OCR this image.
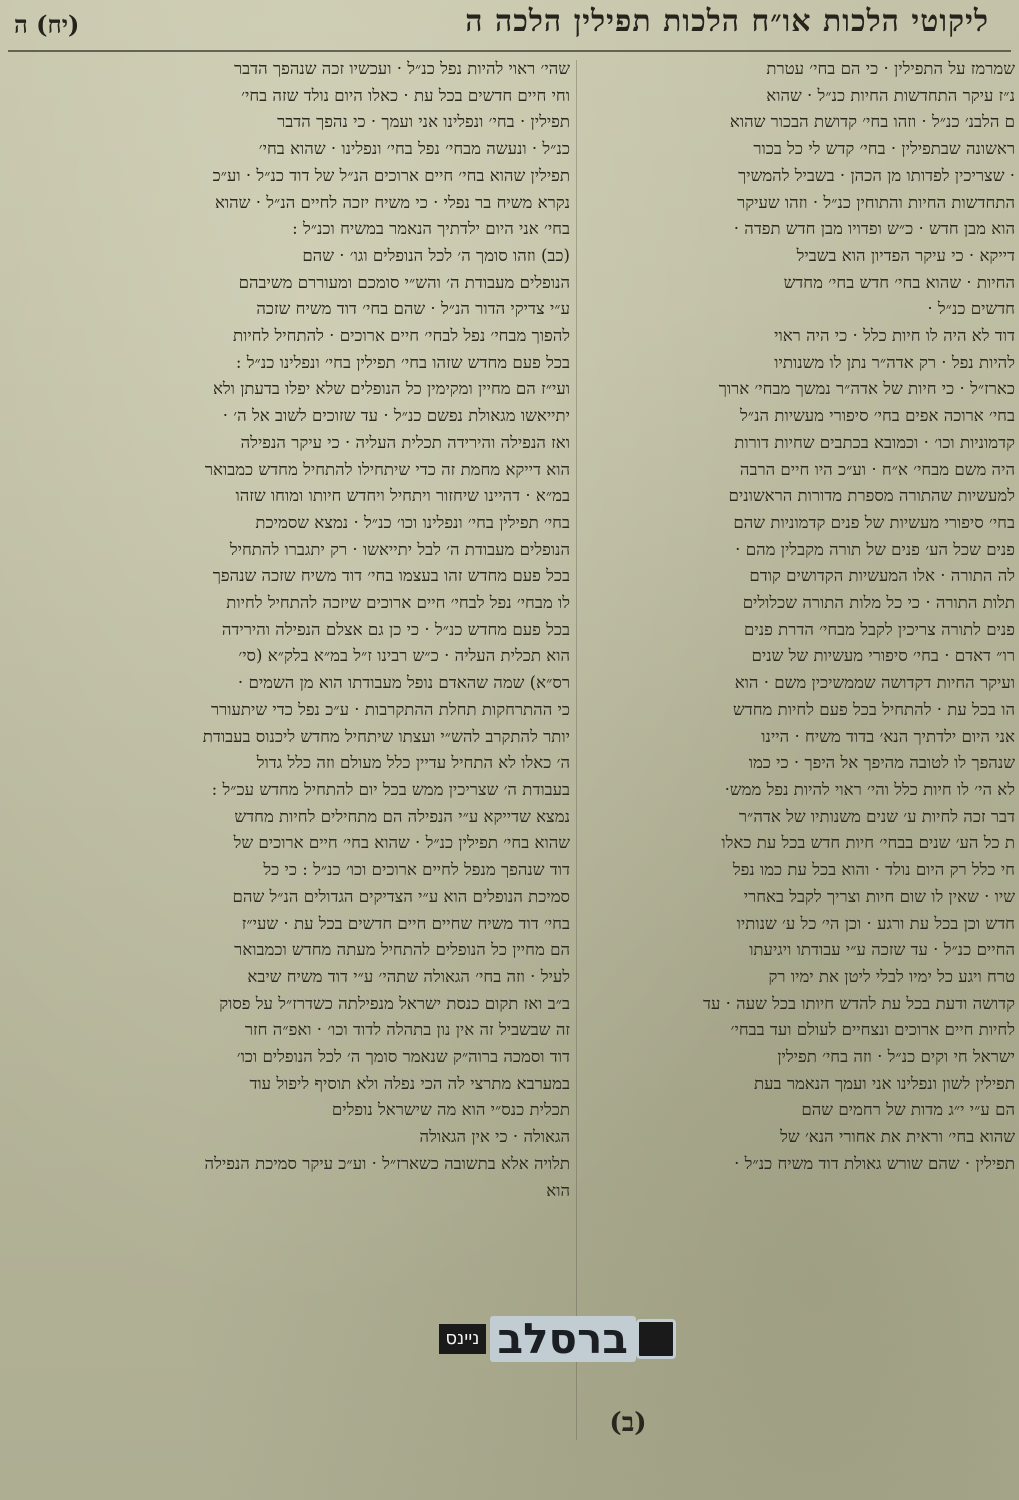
ליקוטי הלכות או״ח הלכות תפילין הלכה ה
(יח) ה
שמרמז על התפילין · כי הם בחי׳ עטרת
נ״ז עיקר התחדשות החיות כנ״ל · שהוא
ם הלבנ׳ כנ״ל · וזהו בחי׳ קדושת הבכור שהוא
ראשונה שבתפילין · בחי׳ קדש לי כל בכור
· שצריכין לפדותו מן הכהן · בשביל להמשיך
התחדשות החיות והתוחין כנ״ל · וזהו שעיקר
הוא מבן חדש · כ״ש ופדויו מבן חדש תפדה ·
דייקא · כי עיקר הפדיון הוא בשביל
החיות · שהוא בחי׳ חדש בחי׳ מחדש
חדשים כנ״ל ·
דוד לא היה לו חיות כלל · כי היה ראוי
להיות נפל · רק אדה״ר נתן לו משנותיו
כארז״ל · כי חיות של אדה״ר נמשך מבחי׳ ארוך
בחי׳ ארוכה אפים בחי׳ סיפורי מעשיות הנ״ל
קדמוניות וכו׳ · וכמובא בכתבים שחיות דורות
היה משם מבחי׳ א״ח · וע״כ היו חיים הרבה
למעשיות שהתורה מספרת מדורות הראשונים
בחי׳ סיפורי מעשיות של פנים קדמוניות שהם
פנים שכל הע׳ פנים של תורה מקבלין מהם ·
לה התורה · אלו המעשיות הקדושים קודם
תלות התורה · כי כל מלות התורה שכלולים
פנים לתורה צריכין לקבל מבחי׳ הדרת פנים
רו״ דאדם · בחי׳ סיפורי מעשיות של שנים
ועיקר החיות דקדושה שממשיכין משם · הוא
הו בכל עת · להתחיל בכל פעם לחיות מחדש
אני היום ילדתיך הנא׳ בדוד משיח · היינו
שנהפך לו לטובה מהיפך אל היפך · כי כמו
לא הי׳ לו חיות כלל והי׳ ראוי להיות נפל ממש·
דבר זכה לחיות ע׳ שנים משנותיו של אדה״ר
ת כל הע׳ שנים בבחי׳ חיות חדש בכל עת כאלו
חי כלל רק היום נולד · והוא בכל עת כמו נפל
שיו · שאין לו שום חיות וצריך לקבל באחרי
חדש וכן בכל עת ורגע · וכן הי׳ כל ע׳ שנותיו
החיים כנ״ל · עד שזכה ע״י עבודתו ויגיעתו
טרח ויגע כל ימיו לבלי ליטן את ימיו רק
קדושה ודעת בכל עת להדש חיותו בכל שעה · עד
לחיות חיים ארוכים ונצחיים לעולם ועד בבחי׳
ישראל חי וקים כנ״ל · וזה בחי׳ תפילין
תפילין לשון ונפלינו אני ועמך הנאמר בעת
הם ע״י י״ג מדות של רחמים שהם
שהוא בחי׳ וראית את אחורי הנא׳ של
תפילין · שהם שורש גאולת דוד משיח כנ״ל ·
שהי׳ ראוי להיות נפל כנ״ל · ועכשיו זכה שנהפך הדבר
וחי חיים חדשים בכל עת · כאלו היום נולד שזה בחי׳
תפילין · בחי׳ ונפלינו אני ועמך · כי נהפך הדבר
כנ״ל · ונעשה מבחי׳ נפל בחי׳ ונפלינו · שהוא בחי׳
תפילין שהוא בחי׳ חיים ארוכים הנ״ל של דוד כנ״ל · וע״כ
נקרא משיח בר נפלי · כי משיח יזכה לחיים הנ״ל · שהוא
בחי׳ אני היום ילדתיך הנאמר במשיח וכנ״ל :
(כב) וזהו סומך ה׳ לכל הנופלים וגו׳ · שהם
הנופלים מעבודת ה׳ והש״י סומכם ומעוררם משיבהם
ע״י צדיקי הדור הנ״ל · שהם בחי׳ דוד משיח שזכה
להפוך מבחי׳ נפל לבחי׳ חיים ארוכים · להתחיל לחיות
בכל פעם מחדש שזהו בחי׳ תפילין בחי׳ ונפלינו כנ״ל :
ועי״ז הם מחיין ומקימין כל הנופלים שלא יפלו בדעתן ולא
יתייאשו מגאולת נפשם כנ״ל · עד שזוכים לשוב אל ה׳ ·
ואז הנפילה והירידה תכלית העליה · כי עיקר הנפילה
הוא דייקא מחמת זה כדי שיתחילו להתחיל מחדש כמבואר
במ״א · דהיינו שיחזור ויתחיל ויחדש חיותו ומוחו שזהו
בחי׳ תפילין בחי׳ ונפלינו וכו׳ כנ״ל · נמצא שסמיכת
הנופלים מעבודת ה׳ לבל יתייאשו · רק יתגברו להתחיל
בכל פעם מחדש זהו בעצמו בחי׳ דוד משיח שזכה שנהפך
לו מבחי׳ נפל לבחי׳ חיים ארוכים שיזכה להתחיל לחיות
בכל פעם מחדש כנ״ל · כי כן גם אצלם הנפילה והירידה
הוא תכלית העליה · כ״ש רבינו ז״ל במ״א בלק״א (סי׳
רס״א) שמה שהאדם נופל מעבודתו הוא מן השמים ·
כי ההתרחקות תחלת ההתקרבות · ע״כ נפל כדי שיתעורר
יותר להתקרב להש״י ועצתו שיתחיל מחדש ליכנוס בעבודת
ה׳ כאלו לא התחיל עדיין כלל מעולם וזה כלל גדול
בעבודת ה׳ שצריכין ממש בכל יום להתחיל מחדש עכ״ל :
נמצא שדייקא ע״י הנפילה הם מתחילים לחיות מחדש
שהוא בחי׳ תפילין כנ״ל · שהוא בחי׳ חיים ארוכים של
דוד שנהפך מנפל לחיים ארוכים וכו׳ כנ״ל : כי כל
סמיכת הנופלים הוא ע״י הצדיקים הגדולים הנ״ל שהם
בחי׳ דוד משיח שחיים חיים חדשים בכל עת · שעי״ז
הם מחיין כל הנופלים להתחיל מעתה מחדש וכמבואר
לעיל · וזה בחי׳ הגאולה שתהי׳ ע״י דוד משיח שיבא
ב״ב ואז תקום כנסת ישראל מנפילתה כשדרז״ל על פסוק
זה שבשביל זה אין נון בתהלה לדוד וכו׳ · ואפ״ה חזר
דוד וסמכה ברוה״ק שנאמר סומך ה׳ לכל הנופלים וכו׳
במערבא מתרצי לה הכי נפלה ולא תוסיף ליפול עוד
תכלית כנס״י הוא מה שישראל נופלים
הגאולה · כי אין הגאולה
תלויה אלא בתשובה כשארז״ל · וע״כ עיקר סמיכת הנפילה
הוא
(ב)
ברסלב
ניינס
